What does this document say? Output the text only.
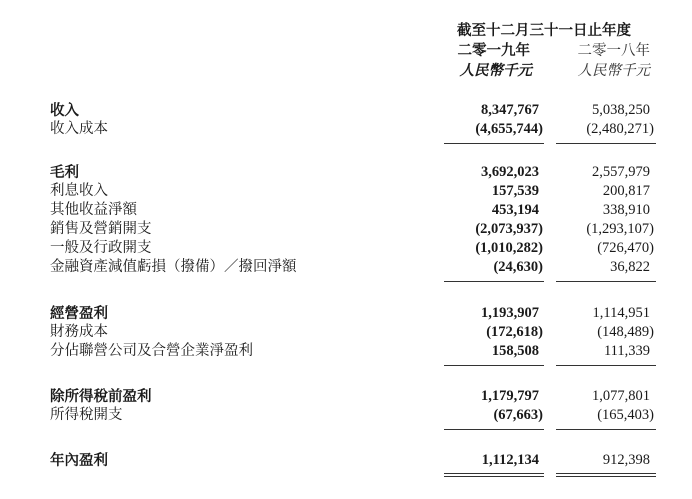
截至十二月三十一日止年度
二零一九年	二零一八年
人民幣千元	人民幣千元
收入	8,347,767	5,038,250
收入成本	(4,655,744)	(2,480,271)
毛利	3,692,023	2,557,979
利息收入	157,539	200,817
其他收益淨額	453,194	338,910
銷售及營銷開支	(2,073,937)	(1,293,107)
一般及行政開支	(1,010,282)	(726,470)
金融資產減值虧損（撥備）／撥回淨額	(24,630)	36,822
經營盈利	1,193,907	1,114,951
財務成本	(172,618)	(148,489)
分佔聯營公司及合營企業淨盈利	158,508	111,339
除所得稅前盈利	1,179,797	1,077,801
所得稅開支	(67,663)	(165,403)
年內盈利	1,112,134	912,398
